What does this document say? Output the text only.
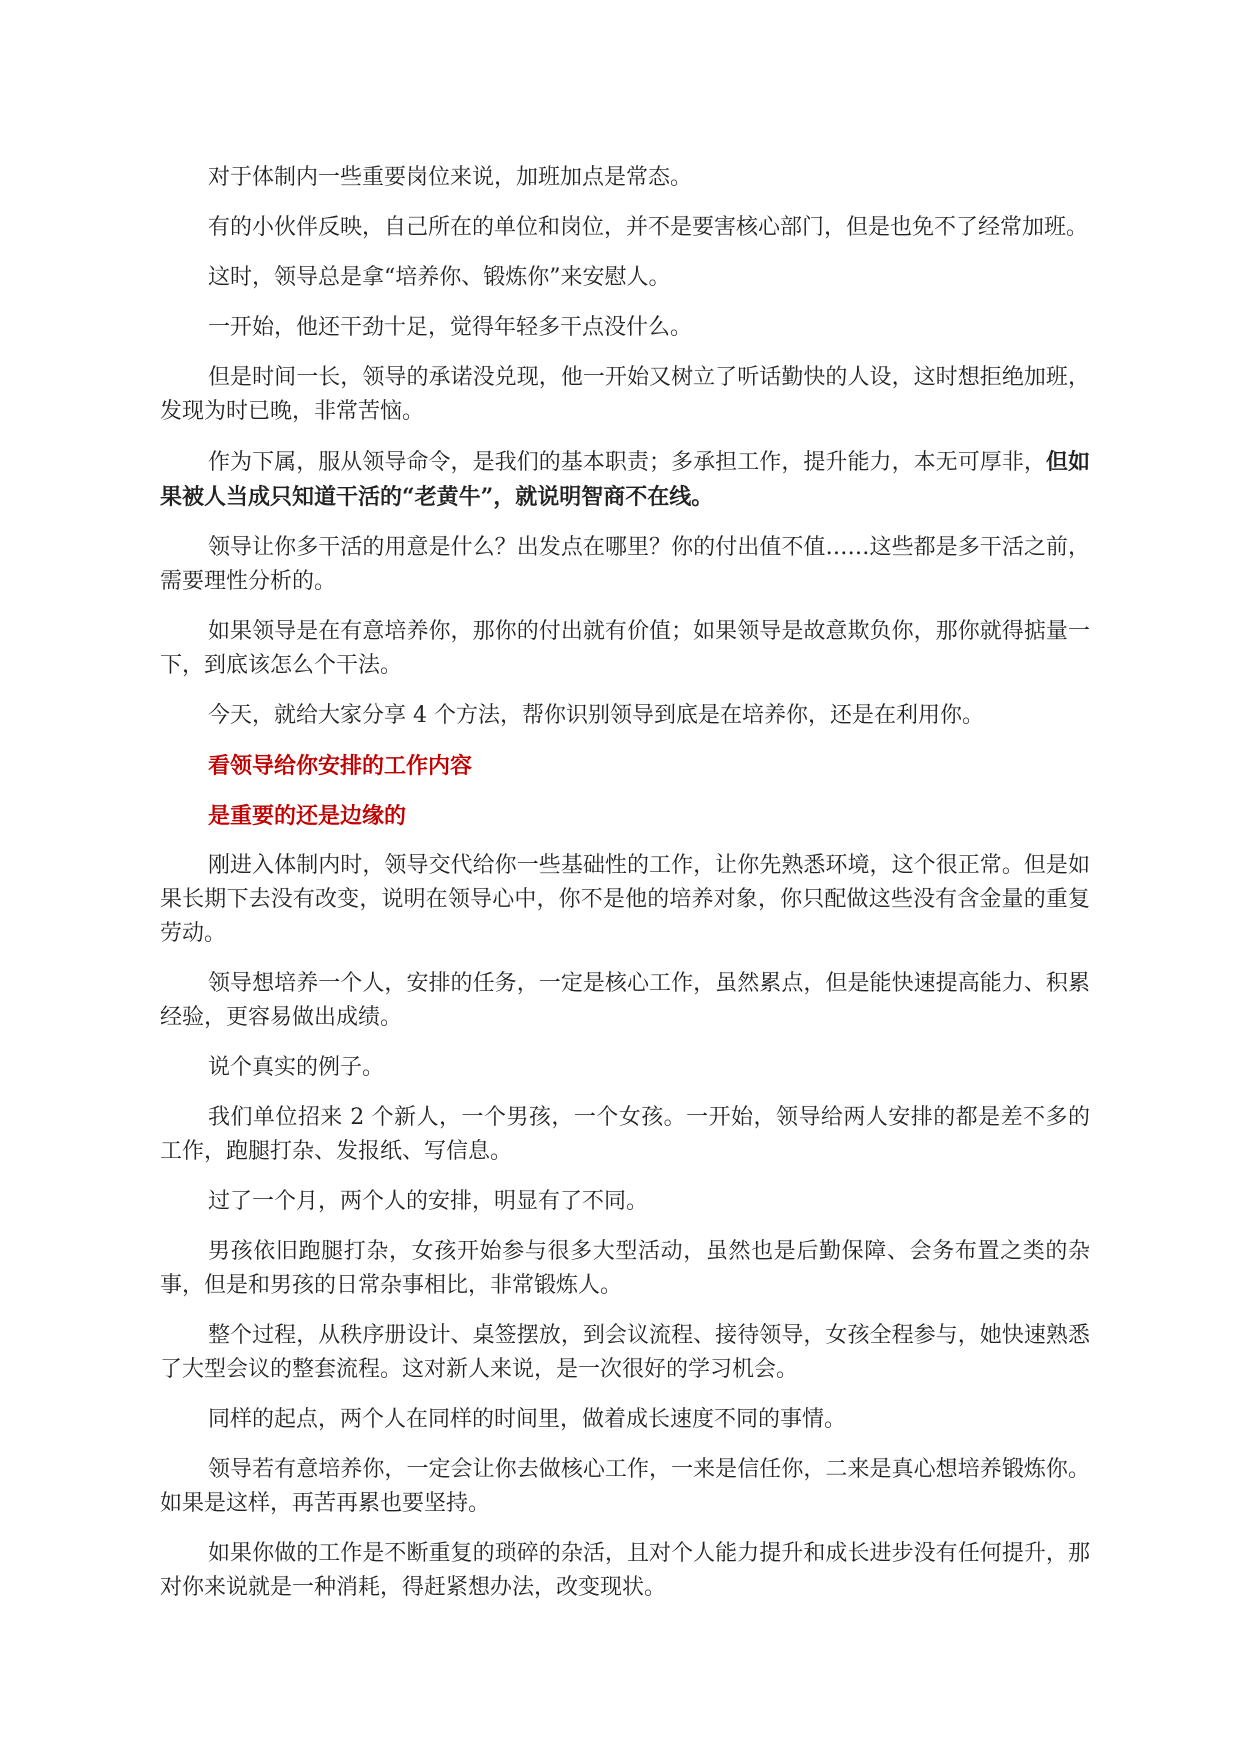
对于体制内一些重要岗位来说，加班加点是常态。

有的小伙伴反映，自己所在的单位和岗位，并不是要害核心部门，但是也免不了经常加班。

这时，领导总是拿“培养你、锻炼你”来安慰人。

一开始，他还干劲十足，觉得年轻多干点没什么。

但是时间一长，领导的承诺没兑现，他一开始又树立了听话勤快的人设，这时想拒绝加班，发现为时已晚，非常苦恼。

作为下属，服从领导命令，是我们的基本职责；多承担工作，提升能力，本无可厚非，但如果被人当成只知道干活的“老黄牛”，就说明智商不在线。

领导让你多干活的用意是什么？出发点在哪里？你的付出值不值……这些都是多干活之前，需要理性分析的。

如果领导是在有意培养你，那你的付出就有价值；如果领导是故意欺负你，那你就得掂量一下，到底该怎么个干法。

今天，就给大家分享 4 个方法，帮你识别领导到底是在培养你，还是在利用你。

看领导给你安排的工作内容

是重要的还是边缘的

刚进入体制内时，领导交代给你一些基础性的工作，让你先熟悉环境，这个很正常。但是如果长期下去没有改变，说明在领导心中，你不是他的培养对象，你只配做这些没有含金量的重复劳动。

领导想培养一个人，安排的任务，一定是核心工作，虽然累点，但是能快速提高能力、积累经验，更容易做出成绩。

说个真实的例子。

我们单位招来 2 个新人，一个男孩，一个女孩。一开始，领导给两人安排的都是差不多的工作，跑腿打杂、发报纸、写信息。

过了一个月，两个人的安排，明显有了不同。

男孩依旧跑腿打杂，女孩开始参与很多大型活动，虽然也是后勤保障、会务布置之类的杂事，但是和男孩的日常杂事相比，非常锻炼人。

整个过程，从秩序册设计、桌签摆放，到会议流程、接待领导，女孩全程参与，她快速熟悉了大型会议的整套流程。这对新人来说，是一次很好的学习机会。

同样的起点，两个人在同样的时间里，做着成长速度不同的事情。

领导若有意培养你，一定会让你去做核心工作，一来是信任你，二来是真心想培养锻炼你。如果是这样，再苦再累也要坚持。

如果你做的工作是不断重复的琐碎的杂活，且对个人能力提升和成长进步没有任何提升，那对你来说就是一种消耗，得赶紧想办法，改变现状。
